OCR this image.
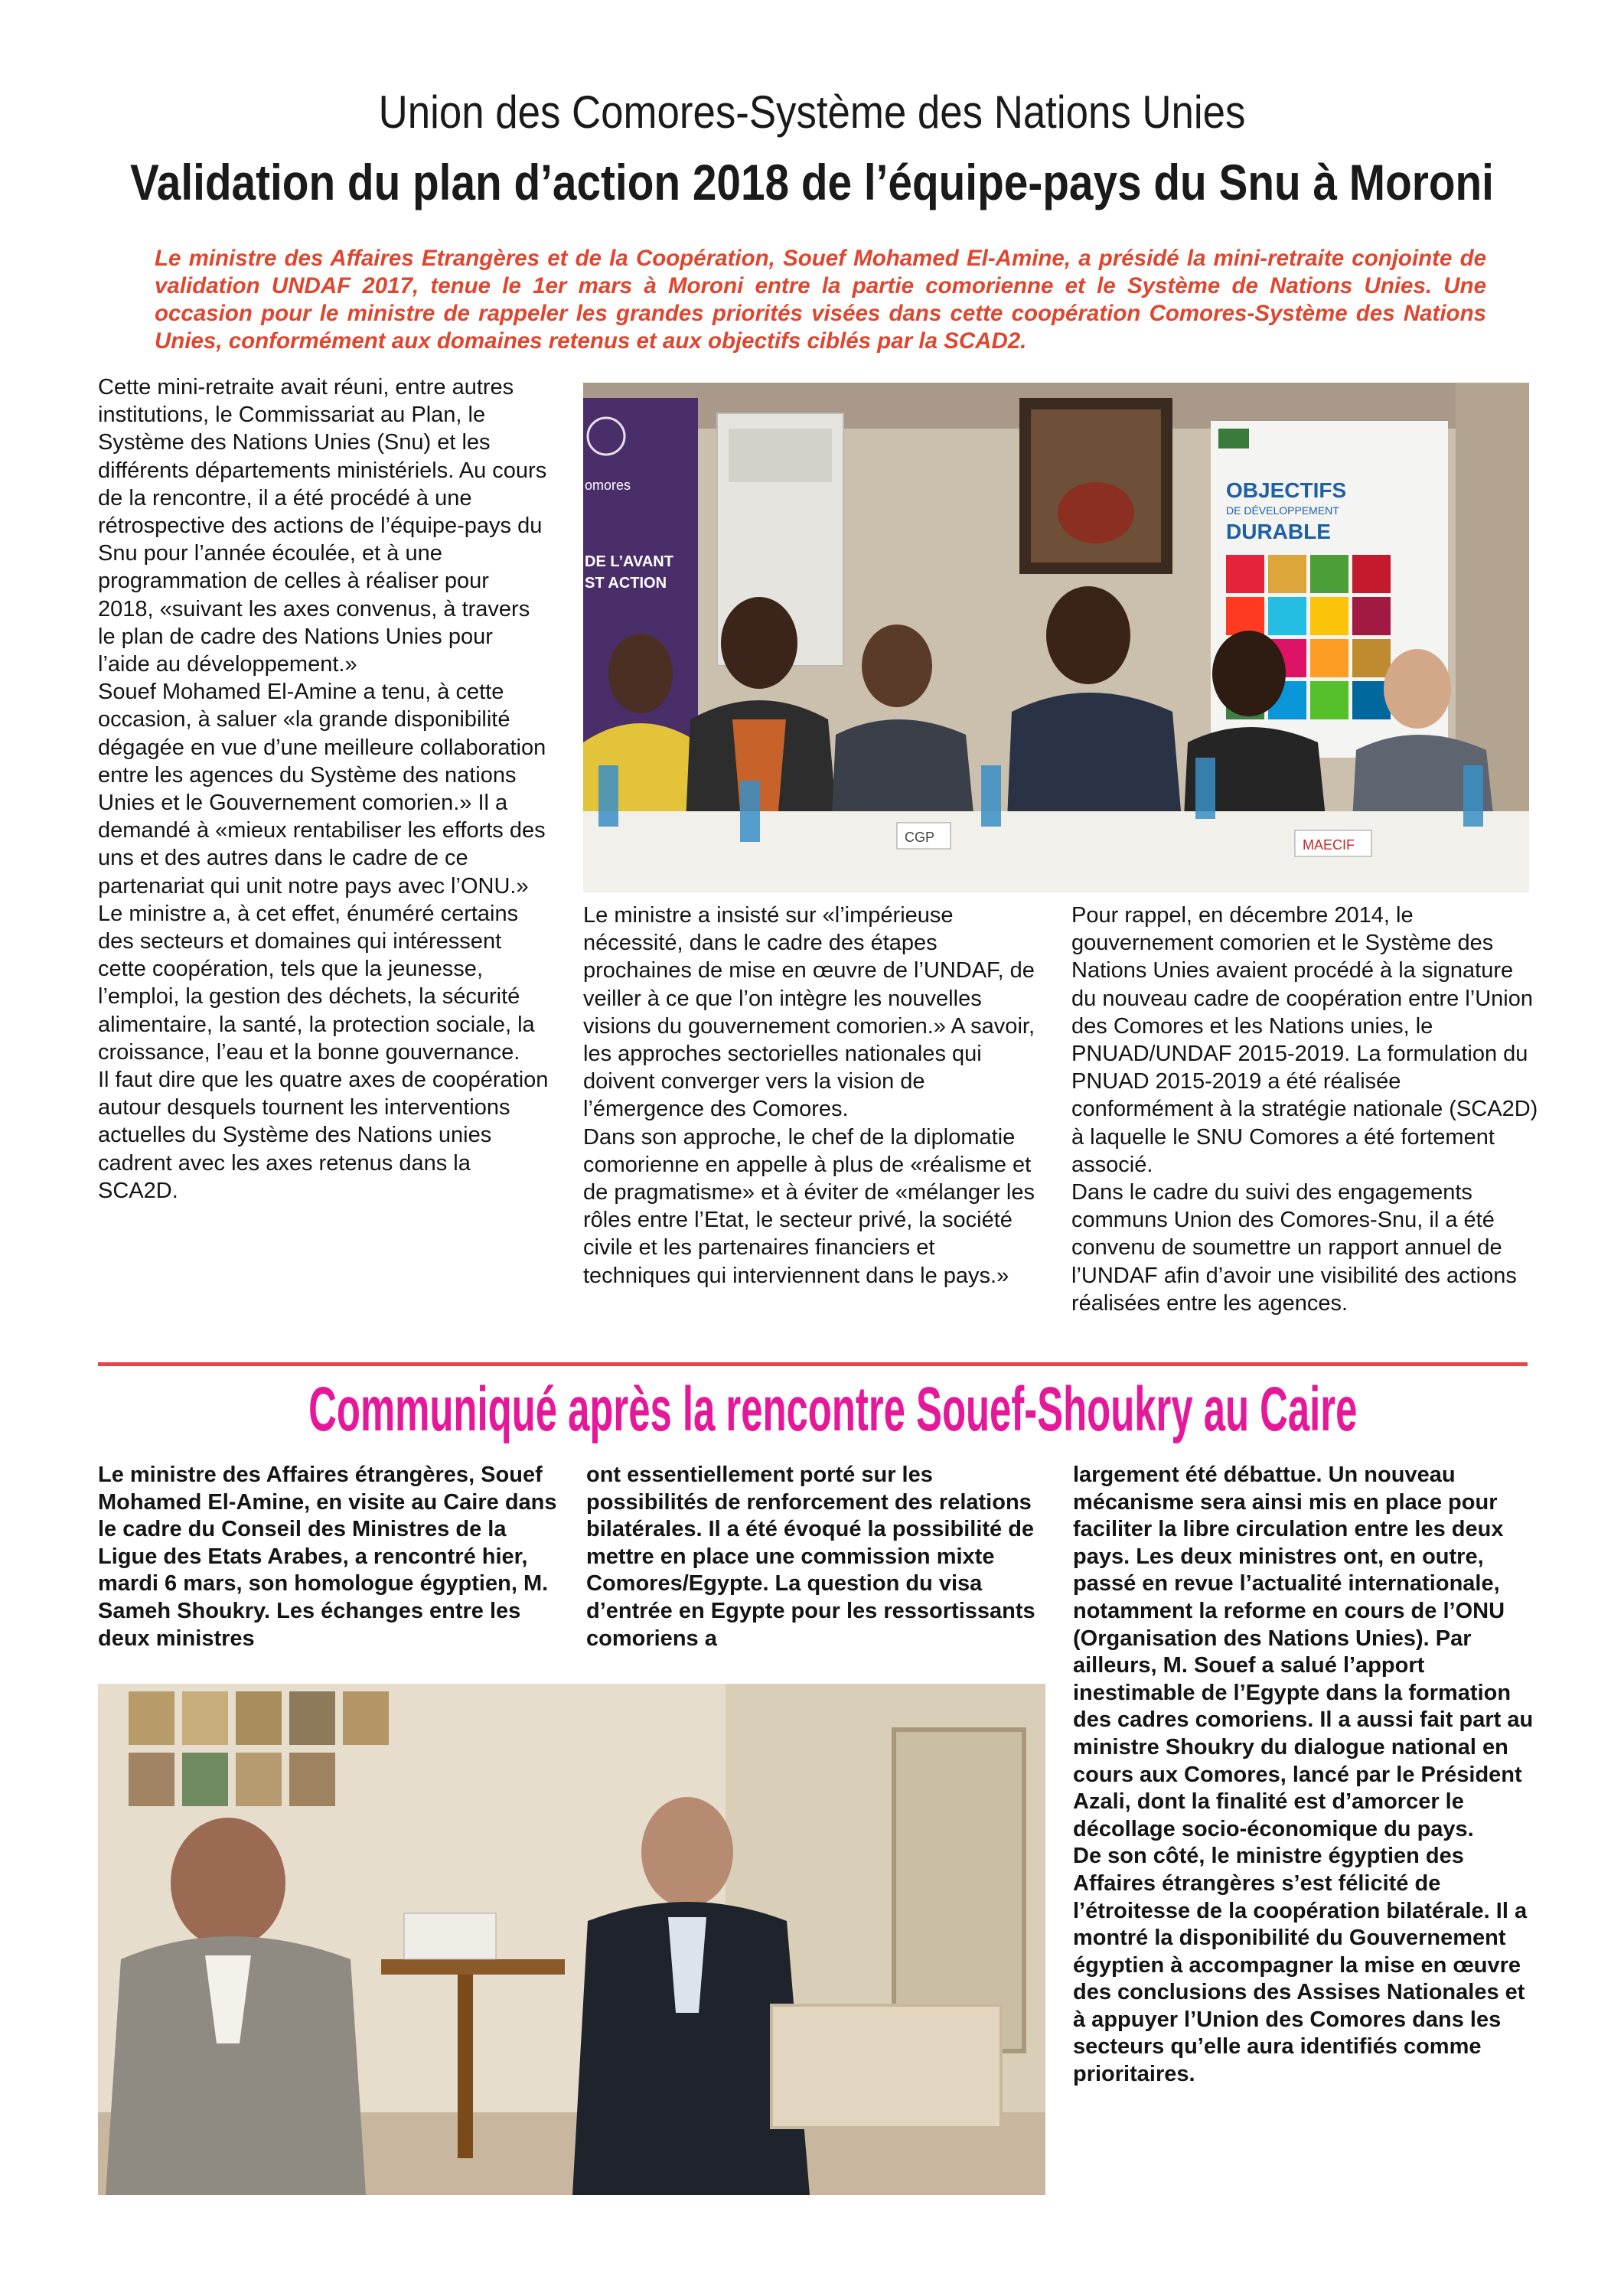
Union des Comores-Système des Nations Unies
Validation du plan d’action 2018 de l’équipe-pays du Snu à Moroni
Le ministre des Affaires Etrangères et de la Coopération, Souef Mohamed El-Amine, a présidé la mini-retraite conjointe de validation UNDAF 2017, tenue le 1er mars à Moroni entre la partie comorienne et le Système de Nations Unies. Une occasion pour le ministre de rappeler les grandes priorités visées dans cette coopération Comores-Système des Nations Unies, conformément aux domaines retenus et aux objectifs ciblés par la SCAD2.
Cette mini-retraite avait réuni, entre autres institutions, le Commissariat au Plan, le Système des Nations Unies (Snu) et les différents départements ministériels. Au cours de la rencontre, il a été procédé à une rétrospective des actions de l’équipe-pays du Snu pour l’année écoulée, et à une programmation de celles à réaliser pour 2018, «suivant les axes convenus, à travers le plan de cadre des Nations Unies pour l’aide au développement.»
Souef Mohamed El-Amine a tenu, à cette occasion, à saluer «la grande disponibilité dégagée en vue d’une meilleure collaboration entre les agences du Système des nations Unies et le Gouvernement comorien.» Il a demandé à «mieux rentabiliser les efforts des uns et des autres dans le cadre de ce partenariat qui unit notre pays avec l’ONU.» Le ministre a, à cet effet, énuméré certains des secteurs et domaines qui intéressent cette coopération, tels que la jeunesse, l’emploi, la gestion des déchets, la sécurité alimentaire, la santé, la protection sociale, la croissance, l’eau et la bonne gouvernance.
Il faut dire que les quatre axes de coopération autour desquels tournent les interventions actuelles du Système des Nations unies cadrent avec les axes retenus dans la SCA2D.
omores
DE L’AVANT
ST ACTION
OBJECTIFS
DE DÉVELOPPEMENT
DURABLE
CGP	MAECIF
Le ministre a insisté sur «l’impérieuse nécessité, dans le cadre des étapes prochaines de mise en œuvre de l’UNDAF, de veiller à ce que l’on intègre les nouvelles visions du gouvernement comorien.» A savoir, les approches sectorielles nationales qui doivent converger vers la vision de l’émergence des Comores.
Dans son approche, le chef de la diplomatie comorienne en appelle à plus de «réalisme et de pragmatisme» et à éviter de «mélanger les rôles entre l’Etat, le secteur privé, la société civile et les partenaires financiers et techniques qui interviennent dans le pays.»
Pour rappel, en décembre 2014, le gouvernement comorien et le Système des Nations Unies avaient procédé à la signature du nouveau cadre de coopération entre l’Union des Comores et les Nations unies, le PNUAD/UNDAF 2015-2019. La formulation du PNUAD 2015-2019 a été réalisée conformément à la stratégie nationale (SCA2D) à laquelle le SNU Comores a été fortement associé.
Dans le cadre du suivi des engagements communs Union des Comores-Snu, il a été convenu de soumettre un rapport annuel de l’UNDAF afin d’avoir une visibilité des actions réalisées entre les agences.
Communiqué après la rencontre Souef-Shoukry au Caire
Le ministre des Affaires étrangères, Souef Mohamed El-Amine, en visite au Caire dans le cadre du Conseil des Ministres de la Ligue des Etats Arabes, a rencontré hier, mardi 6 mars, son homologue égyptien, M. Sameh Shoukry. Les échanges entre les deux ministres
ont essentiellement porté sur les possibilités de renforcement des relations bilatérales. Il a été évoqué la possibilité de mettre en place une commission mixte Comores/Egypte. La question du visa d’entrée en Egypte pour les ressortissants comoriens a
largement été débattue. Un nouveau mécanisme sera ainsi mis en place pour faciliter la libre circulation entre les deux pays. Les deux ministres ont, en outre, passé en revue l’actualité internationale, notamment la reforme en cours de l’ONU (Organisation des Nations Unies). Par ailleurs, M. Souef a salué l’apport inestimable de l’Egypte dans la formation des cadres comoriens. Il a aussi fait part au ministre Shoukry du dialogue national en cours aux Comores, lancé par le Président Azali, dont la finalité est d’amorcer le décollage socio-économique du pays.
De son côté, le ministre égyptien des Affaires étrangères s’est félicité de l’étroitesse de la coopération bilatérale. Il a montré la disponibilité du Gouvernement égyptien à accompagner la mise en œuvre des conclusions des Assises Nationales et à appuyer l’Union des Comores dans les secteurs qu’elle aura identifiés comme prioritaires.
